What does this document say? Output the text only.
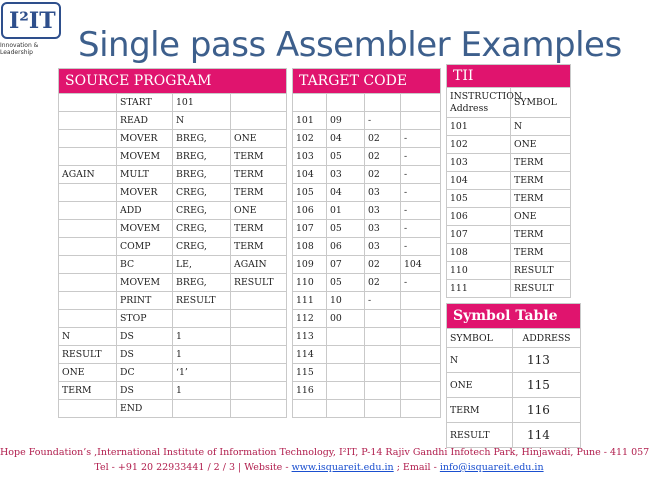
I²IT
Innovation & Leadership	Single pass Assembler Examples
SOURCE PROGRAM			
	START	101	
	READ	N	
	MOVER	BREG,	ONE
	MOVEM	BREG,	TERM
AGAIN	MULT	BREG,	TERM
	MOVER	CREG,	TERM
	ADD	CREG,	ONE
	MOVEM	CREG,	TERM
	COMP	CREG,	TERM
	BC	LE,	AGAIN
	MOVEM	BREG,	RESULT
	PRINT	RESULT	
	STOP		
N	DS	1	
RESULT	DS	1	
ONE	DC	‘1’	
TERM	DS	1	
	END		
TARGET CODE			

101	09	-	
102	04	02	-
103	05	02	-
104	03	02	-
105	04	03	-
106	01	03	-
107	05	03	-
108	06	03	-
109	07	02	104
110	05	02	-
111	10	-	
112	00		
113			
114			
115			
116			

TII	
INSTRUCTION Address	SYMBOL
101	N
102	ONE
103	TERM
104	TERM
105	TERM
106	ONE
107	TERM
108	TERM
110	RESULT
111	RESULT
Symbol Table	
SYMBOL	ADDRESS
N	113
ONE	115
TERM	116
RESULT	114
Hope Foundation’s ,International Institute of Information Technology, I²IT, P-14 Rajiv Gandhi Infotech Park, Hinjawadi, Pune - 411 057
Tel - +91 20 22933441 / 2 / 3 | Website - www.isquareit.edu.in ; Email - info@isquareit.edu.in
